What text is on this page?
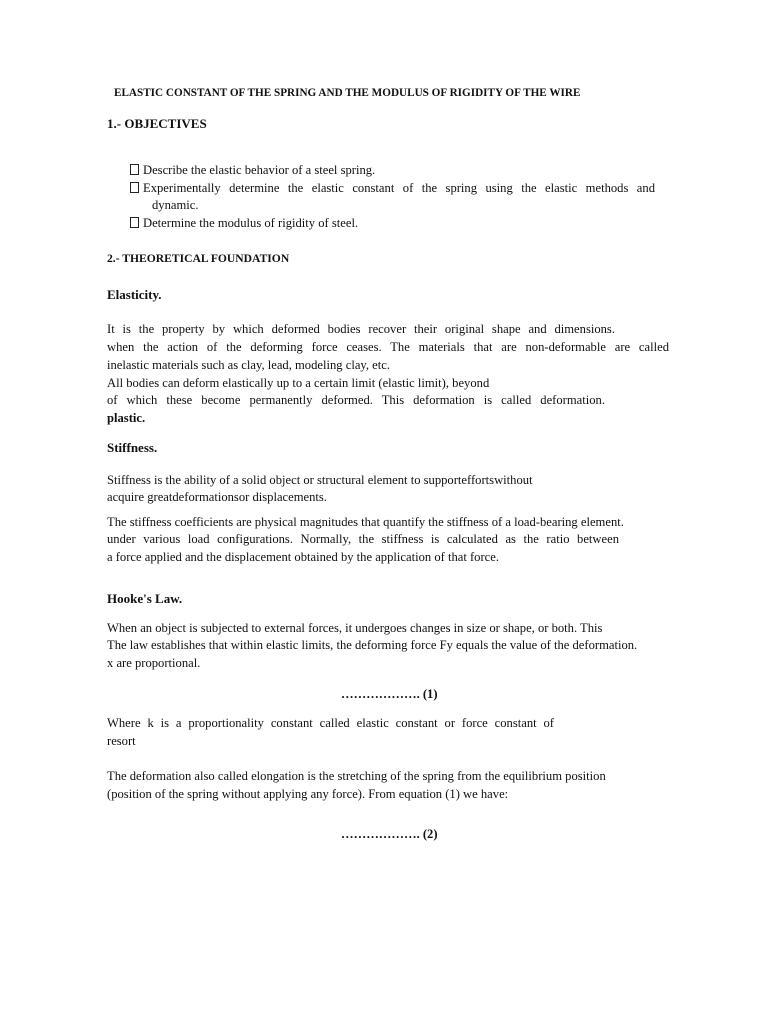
ELASTIC CONSTANT OF THE SPRING AND THE MODULUS OF RIGIDITY OF THE WIRE
1.- OBJECTIVES
Describe the elastic behavior of a steel spring.
Experimentally determine the elastic constant of the spring using the elastic methods and
dynamic.
Determine the modulus of rigidity of steel.
2.- THEORETICAL FOUNDATION
Elasticity.
It is the property by which deformed bodies recover their original shape and dimensions.
when the action of the deforming force ceases. The materials that are non-deformable are called
inelastic materials such as clay, lead, modeling clay, etc.
All bodies can deform elastically up to a certain limit (elastic limit), beyond
of which these become permanently deformed. This deformation is called deformation.
plastic.
Stiffness.
Stiffness is the ability of a solid object or structural element to supporteffortswithout
acquire greatdeformationsor displacements.
The stiffness coefficients are physical magnitudes that quantify the stiffness of a load-bearing element.
under various load configurations. Normally, the stiffness is calculated as the ratio between
a force applied and the displacement obtained by the application of that force.
Hooke's Law.
When an object is subjected to external forces, it undergoes changes in size or shape, or both. This
The law establishes that within elastic limits, the deforming force Fy equals the value of the deformation.
x are proportional.
………………. (1)
Where k is a proportionality constant called elastic constant or force constant of
resort
The deformation also called elongation is the stretching of the spring from the equilibrium position
(position of the spring without applying any force). From equation (1) we have:
………………. (2)
